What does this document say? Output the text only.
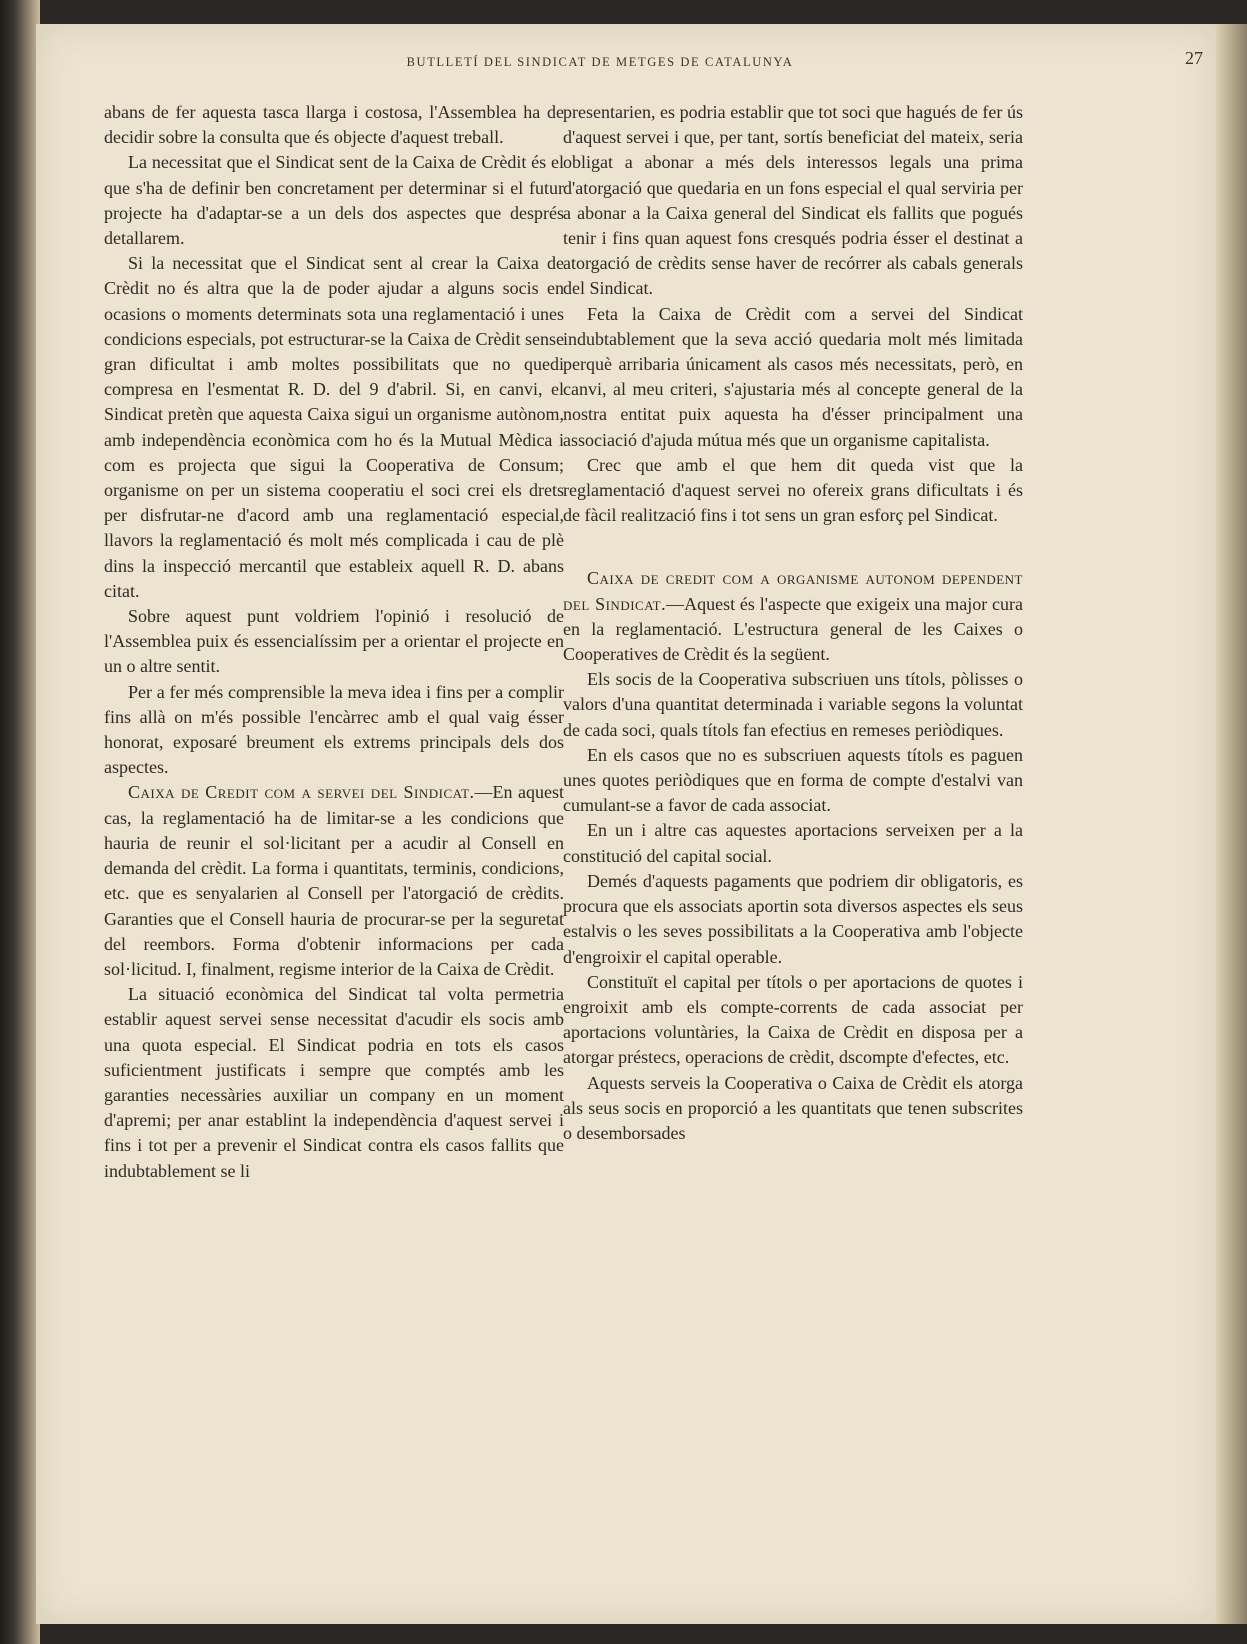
BUTLLETÍ DEL SINDICAT DE METGES DE CATALUNYA	27

abans de fer aquesta tasca llarga i costosa, l'Assemblea ha de decidir sobre la consulta que és objecte d'aquest treball.

La necessitat que el Sindicat sent de la Caixa de Crèdit és el que s'ha de definir ben concretament per determinar si el futur projecte ha d'adaptar-se a un dels dos aspectes que després detallarem.

Si la necessitat que el Sindicat sent al crear la Caixa de Crèdit no és altra que la de poder ajudar a alguns socis en ocasions o moments determinats sota una reglamentació i unes condicions especials, pot estructurar-se la Caixa de Crèdit sense gran dificultat i amb moltes possibilitats que no quedi compresa en l'esmentat R. D. del 9 d'abril. Si, en canvi, el Sindicat pretèn que aquesta Caixa sigui un organisme autònom, amb independència econòmica com ho és la Mutual Mèdica i com es projecta que sigui la Cooperativa de Consum; organisme on per un sistema cooperatiu el soci crei els drets per disfrutar-ne d'acord amb una reglamentació especial, llavors la reglamentació és molt més complicada i cau de plè dins la inspecció mercantil que estableix aquell R. D. abans citat.

Sobre aquest punt voldriem l'opinió i resolució de l'Assemblea puix és essencialíssim per a orientar el projecte en un o altre sentit.

Per a fer més comprensible la meva idea i fins per a complir fins allà on m'és possible l'encàrrec amb el qual vaig ésser honorat, exposaré breument els extrems principals dels dos aspectes.

Caixa de Credit com a servei del Sindicat.—En aquest cas, la reglamentació ha de limitar-se a les condicions que hauria de reunir el sol·licitant per a acudir al Consell en demanda del crèdit. La forma i quantitats, terminis, condicions, etc. que es senyalarien al Consell per l'atorgació de crèdits. Garanties que el Consell hauria de procurar-se per la seguretat del reembors. Forma d'obtenir informacions per cada sol·licitud. I, finalment, regisme interior de la Caixa de Crèdit.

La situació econòmica del Sindicat tal volta permetria establir aquest servei sense necessitat d'acudir els socis amb una quota especial. El Sindicat podria en tots els casos suficientment justificats i sempre que comptés amb les garanties necessàries auxiliar un company en un moment d'apremi; per anar establint la independència d'aquest servei i fins i tot per a prevenir el Sindicat contra els casos fallits que indubtablement se li

presentarien, es podria establir que tot soci que hagués de fer ús d'aquest servei i que, per tant, sortís beneficiat del mateix, seria obligat a abonar a més dels interessos legals una prima d'atorgació que quedaria en un fons especial el qual serviria per a abonar a la Caixa general del Sindicat els fallits que pogués tenir i fins quan aquest fons cresqués podria ésser el destinat a atorgació de crèdits sense haver de recórrer als cabals generals del Sindicat.

Feta la Caixa de Crèdit com a servei del Sindicat indubtablement que la seva acció quedaria molt més limitada perquè arribaria únicament als casos més necessitats, però, en canvi, al meu criteri, s'ajustaria més al concepte general de la nostra entitat puix aquesta ha d'ésser principalment una associació d'ajuda mútua més que un organisme capitalista.

Crec que amb el que hem dit queda vist que la reglamentació d'aquest servei no ofereix grans dificultats i és de fàcil realització fins i tot sens un gran esforç pel Sindicat.

Caixa de credit com a organisme autonom dependent del Sindicat.—Aquest és l'aspecte que exigeix una major cura en la reglamentació. L'estructura general de les Caixes o Cooperatives de Crèdit és la següent.

Els socis de la Cooperativa subscriuen uns títols, pòlisses o valors d'una quantitat determinada i variable segons la voluntat de cada soci, quals títols fan efectius en remeses periòdiques.

En els casos que no es subscriuen aquests títols es paguen unes quotes periòdiques que en forma de compte d'estalvi van cumulant-se a favor de cada associat.

En un i altre cas aquestes aportacions serveixen per a la constitució del capital social.

Demés d'aquests pagaments que podriem dir obligatoris, es procura que els associats aportin sota diversos aspectes els seus estalvis o les seves possibilitats a la Cooperativa amb l'objecte d'engroixir el capital operable.

Constituït el capital per títols o per aportacions de quotes i engroixit amb els compte-corrents de cada associat per aportacions voluntàries, la Caixa de Crèdit en disposa per a atorgar préstecs, operacions de crèdit, dscompte d'efectes, etc.

Aquests serveis la Cooperativa o Caixa de Crèdit els atorga als seus socis en proporció a les quantitats que tenen subscrites o desemborsades
